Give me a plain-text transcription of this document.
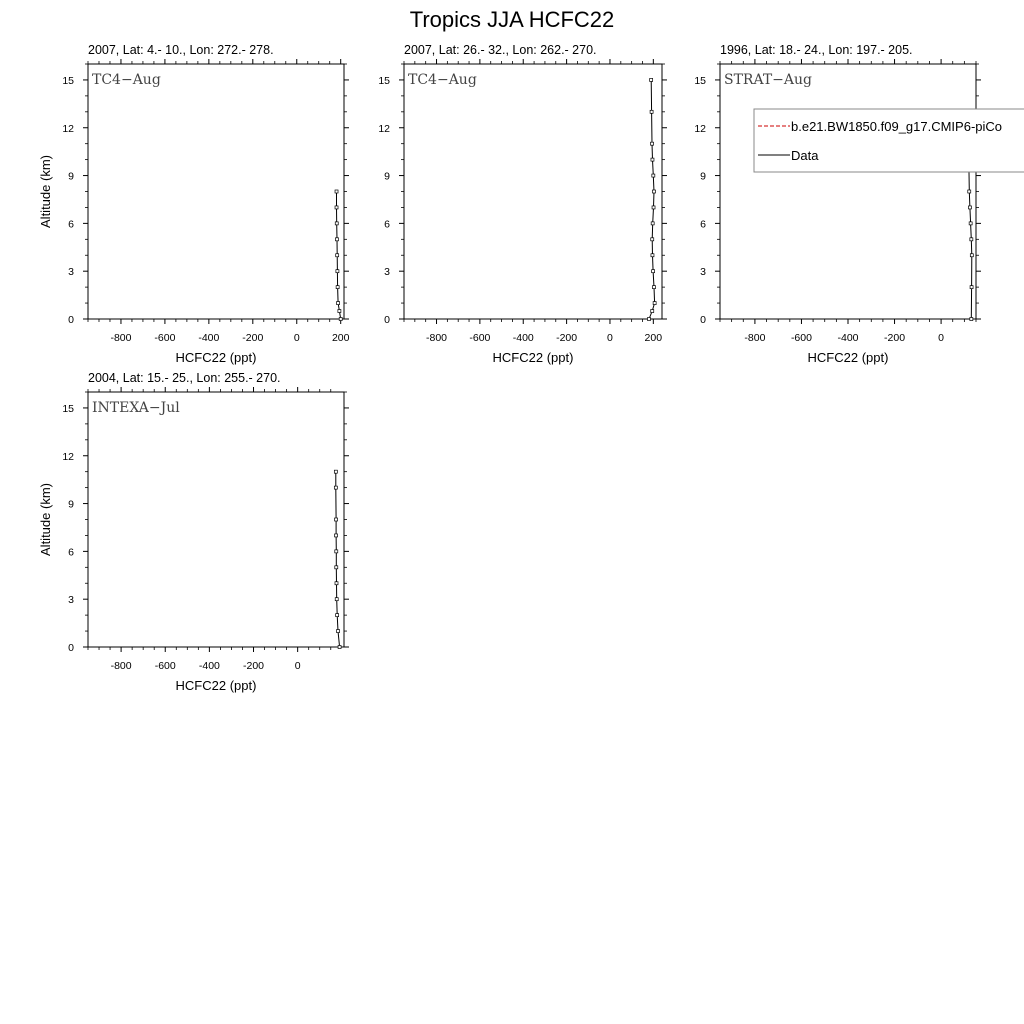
Tropics JJA HCFC22
2007, Lat: 4.- 10., Lon: 272.- 278.
-800 -600 -400 -200	0	200
0
3
6
9
12
15
HCFC22 (ppt)
Altitude (km)
TC4−Aug
2007, Lat: 26.- 32., Lon: 262.- 270.
-800 -600 -400 -200	0	200
0
3
6
9
12
15
HCFC22 (ppt)
TC4−Aug
1996, Lat: 18.- 24., Lon: 197.- 205.
-800 -600 -400 -200	0
0
3
6
9
12
15
HCFC22 (ppt)
STRAT−Aug
2004, Lat: 15.- 25., Lon: 255.- 270.
-800 -600 -400 -200	0
0
3
6
9
12
15
HCFC22 (ppt)
Altitude (km)
INTEXA−Jul
b.e21.BW1850.f09_g17.CMIP6-piCo
Data
